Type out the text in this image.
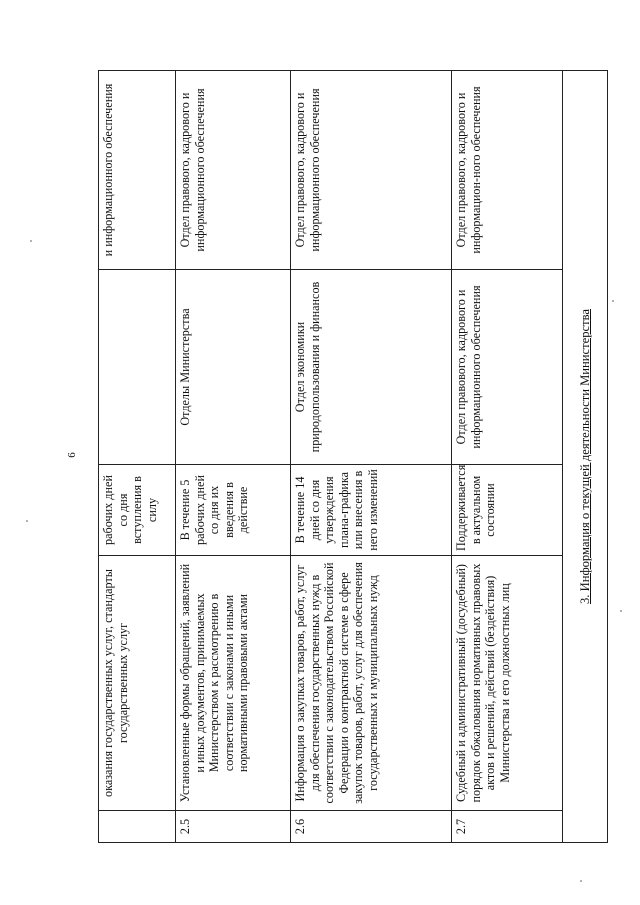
6
	оказания государственных услуг, стандарты государственных услуг	рабочих дней со дня вступления в силу		и информационного обеспечения
2.5	Установленные формы обращений, заявлений и иных документов, принимаемых Министерством к рассмотрению в соответствии с законами и иными нормативными правовыми актами	В течение 5 рабочих дней со дня их введения в действие	Отделы Министерства	Отдел правового, кадрового и информационного обеспечения
2.6	Информация о закупках товаров, работ, услуг для обеспечения государственных нужд в соответствии с законодательством Российской Федерации о контрактной системе в сфере закупок товаров, работ, услуг для обеспечения государственных и муниципальных нужд	В течение 14 дней со дня утверждения плана-графика или внесения в него изменений	Отдел экономики природопользования и финансов	Отдел правового, кадрового и информационного обеспечения
2.7	Судебный и административный (досудебный) порядок обжалования нормативных правовых актов и решений, действий (бездействия) Министерства и его должностных лиц	Поддерживается в актуальном состоянии	Отдел правового, кадрового и информационного обеспечения	Отдел правового, кадрового и информацион-ного обеспечения
3. Информация о текущей деятельности Министерства				
